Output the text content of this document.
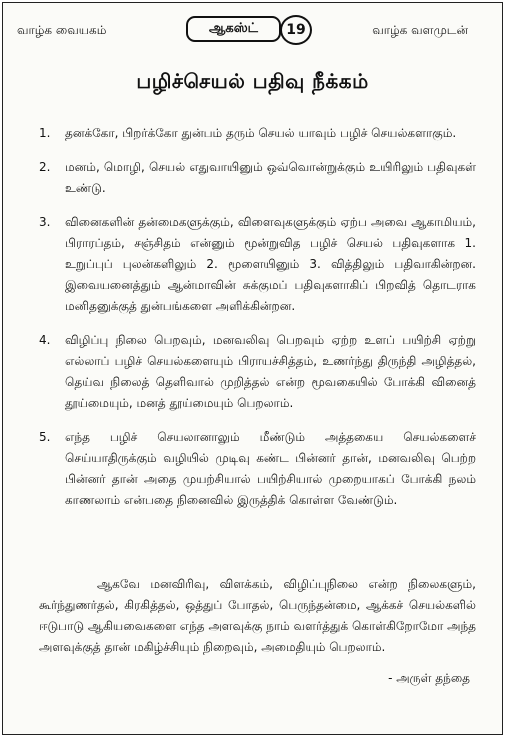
வாழ்க வையகம்	ஆகஸ்ட்	19	வாழ்க வளமுடன்
பழிச்செயல் பதிவு நீக்கம்
1.	தனக்கோ, பிறர்க்கோ துன்பம் தரும் செயல் யாவும் பழிச் செயல்களாகும்.
2.	மனம், மொழி, செயல் எதுவாயினும் ஒவ்வொன்றுக்கும் உயிரிலும் பதிவுகள் உண்டு.
3.	வினைகளின் தன்மைகளுக்கும், விளைவுகளுக்கும் ஏற்ப அவை ஆகாமியம், பிராரப்தம், சஞ்சிதம் என்னும் மூன்றுவித பழிச் செயல் பதிவுகளாக 1. உறுப்புப் புலன்களிலும் 2. மூளையினும் 3. வித்திலும் பதிவாகின்றன. இவையனைத்தும் ஆன்மாவின் சுக்குமப் பதிவுகளாகிப் பிறவித் தொடராக மனிதனுக்குத் துன்பங்களை அளிக்கின்றன.
4.	விழிப்பு நிலை பெறவும், மனவலிவு பெறவும் ஏற்ற உளப் பயிற்சி ஏற்று எல்லாப் பழிச் செயல்களையும் பிராயச்சித்தம், உணர்ந்து திருந்தி அழித்தல், தெய்வ நிலைத் தெளிவால் முறித்தல் என்ற மூவகையில் போக்கி வினைத் தூய்மையும், மனத் தூய்மையும் பெறலாம்.
5.	எந்த பழிச் செயலானாலும் மீண்டும் அத்தகைய செயல்களைச் செய்யாதிருக்கும் வழியில் முடிவு கண்ட பின்னர் தான், மனவலிவு பெற்ற பின்னர் தான் அதை முயற்சியால் பயிற்சியால் முறையாகப் போக்கி நலம் காணலாம் என்பதை நினைவில் இருத்திக் கொள்ள வேண்டும்.
ஆகவே மனவிரிவு, விளக்கம், விழிப்புநிலை என்ற நிலைகளும், கூர்ந்துணர்தல், கிரகித்தல், ஒத்துப் போதல், பெருந்தன்மை, ஆக்கச் செயல்களில் ஈடுபாடு ஆகியவைகளை எந்த அளவுக்கு நாம் வளர்த்துக் கொள்கிறோமோ அந்த அளவுக்குத் தான் மகிழ்ச்சியும் நிறைவும், அமைதியும் பெறலாம்.
- அருள் தந்தை
